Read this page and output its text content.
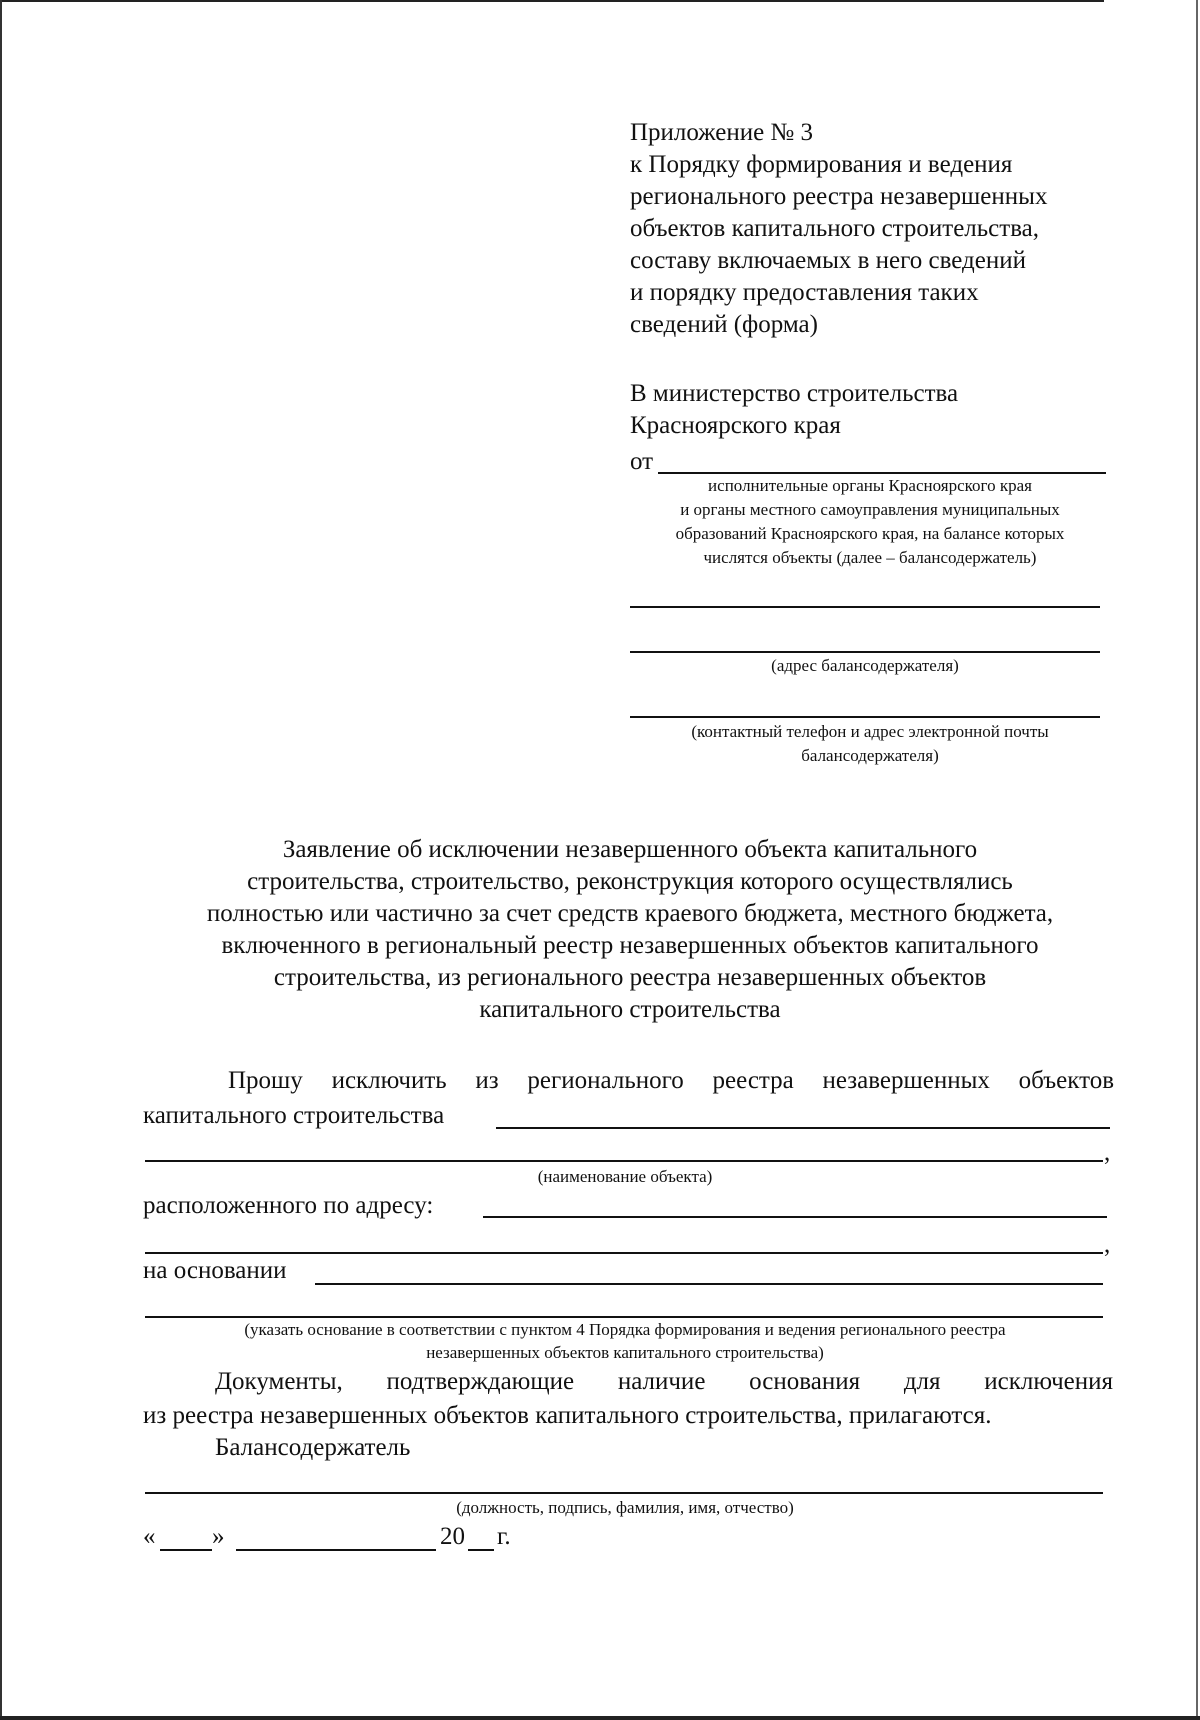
Приложение № 3
к Порядку формирования и ведения
регионального реестра незавершенных
объектов капитального строительства,
составу включаемых в него сведений
и порядку предоставления таких
сведений (форма)
В министерство строительства
Красноярского края
от
исполнительные органы Красноярского края
и органы местного самоуправления муниципальных
образований Красноярского края, на балансе которых
числятся объекты (далее – балансодержатель)
(адрес балансодержателя)
(контактный телефон и адрес электронной почты
балансодержателя)
Заявление об исключении незавершенного объекта капитального
строительства, строительство, реконструкция которого осуществлялись
полностью или частично за счет средств краевого бюджета, местного бюджета,
включенного в региональный реестр незавершенных объектов капитального
строительства, из регионального реестра незавершенных объектов
капитального строительства
Прошу исключить из регионального реестра незавершенных объектов
капитального строительства
,
(наименование объекта)
расположенного по адресу:
,
на основании
(указать основание в соответствии с пунктом 4 Порядка формирования и ведения регионального реестра
незавершенных объектов капитального строительства)
Документы, подтверждающие наличие основания для исключения
из реестра незавершенных объектов капитального строительства, прилагаются.
Балансодержатель
(должность, подпись, фамилия, имя, отчество)
« »	20 г.
